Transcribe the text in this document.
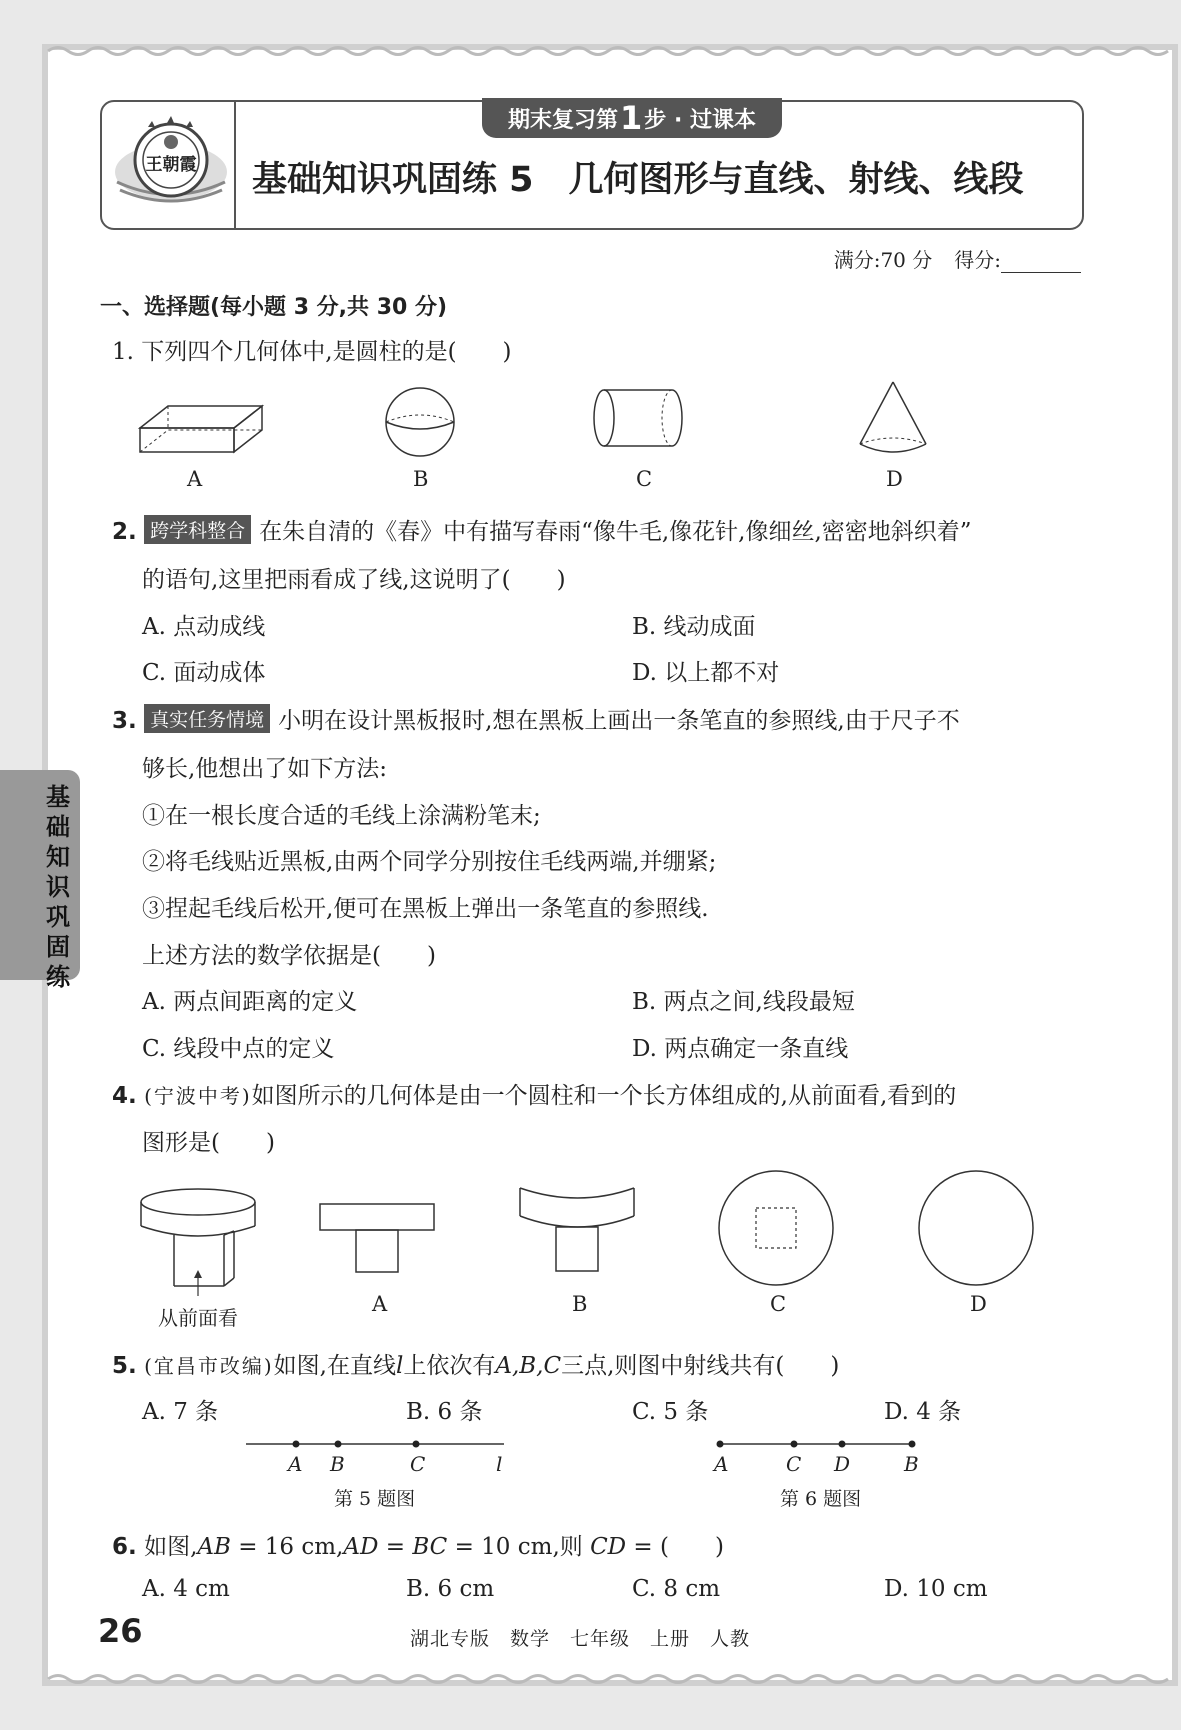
王朝霞
期末复习第 1 步 · 过课本
基础知识巩固练 5　几何图形与直线、射线、线段
满分:70 分 得分:
一、选择题(每小题 3 分,共 30 分)
1. 下列四个几何体中,是圆柱的是(　　)
A	B	C	D
2. 跨学科整合 在朱自清的《春》中有描写春雨“像牛毛,像花针,像细丝,密密地斜织着”
的语句,这里把雨看成了线,这说明了(　　)
A. 点动成线	B. 线动成面
C. 面动成体	D. 以上都不对
3. 真实任务情境 小明在设计黑板报时,想在黑板上画出一条笔直的参照线,由于尺子不
够长,他想出了如下方法:
①在一根长度合适的毛线上涂满粉笔末;
②将毛线贴近黑板,由两个同学分别按住毛线两端,并绷紧;
③捏起毛线后松开,便可在黑板上弹出一条笔直的参照线.
上述方法的数学依据是(　　)
A. 两点间距离的定义	B. 两点之间,线段最短
C. 线段中点的定义	D. 两点确定一条直线
4. (宁波中考)如图所示的几何体是由一个圆柱和一个长方体组成的,从前面看,看到的
图形是(　　)
从前面看
A	B	C	D
5. (宜昌市改编)如图,在直线l上依次有A,B,C三点,则图中射线共有(　　)
A. 7 条	B. 6 条	C. 5 条	D. 4 条
A B	C	l
第 5 题图
A	C D	B
第 6 题图
6. 如图,AB = 16 cm,AD = BC = 10 cm,则 CD = (　　)
A. 4 cm	B. 6 cm	C. 8 cm	D. 10 cm
基础知识巩固练
26	湖北专版　数学　七年级　上册　人教
